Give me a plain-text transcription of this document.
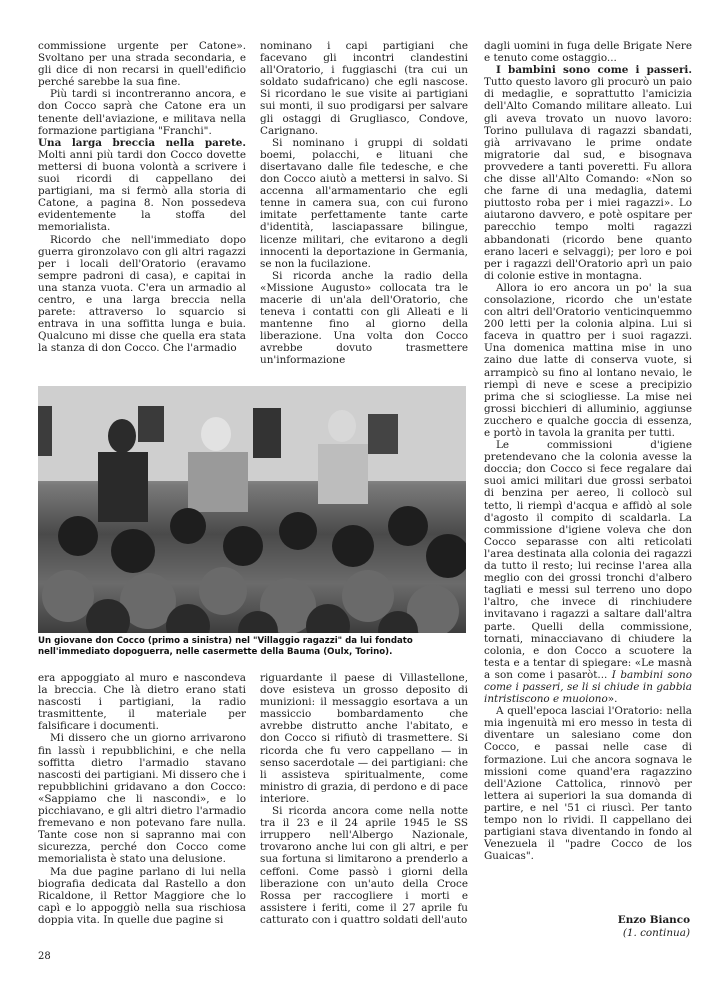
commissione urgente per Catone». Svoltano per una strada secondaria, e gli dice di non recarsi in quell'edificio perché sarebbe la sua fine.

Più tardi si incontreranno ancora, e don Cocco saprà che Catone era un tenente dell'aviazione, e militava nella formazione partigiana "Franchi".

Una larga breccia nella parete. Molti anni più tardi don Cocco dovette mettersi di buona volontà a scrivere i suoi ricordi di cappellano dei partigiani, ma si fermò alla storia di Catone, a pagina 8. Non possedeva evidentemente la stoffa del memorialista.

Ricordo che nell'immediato dopo guerra gironzolavo con gli altri ragazzi per i locali dell'Oratorio (eravamo sempre padroni di casa), e capitai in una stanza vuota. C'era un armadio al centro, e una larga breccia nella parete: attraverso lo squarcio si entrava in una soffitta lunga e buia. Qualcuno mi disse che quella era stata la stanza di don Cocco. Che l'armadio

nominano i capi partigiani che facevano gli incontri clandestini all'Oratorio, i fuggiaschi (tra cui un soldato sudafricano) che egli nascose. Si ricordano le sue visite ai partigiani sui monti, il suo prodigarsi per salvare gli ostaggi di Grugliasco, Condove, Carignano.

Si nominano i gruppi di soldati boemi, polacchi, e lituani che disertavano dalle file tedesche, e che don Cocco aiutò a mettersi in salvo. Si accenna all'armamentario che egli tenne in camera sua, con cui furono imitate perfettamente tante carte d'identità, lasciapassare bilingue, licenze militari, che evitarono a degli innocenti la deportazione in Germania, se non la fucilazione.

Si ricorda anche la radio della «Missione Augusto» collocata tra le macerie di un'ala dell'Oratorio, che teneva i contatti con gli Alleati e li mantenne fino al giorno della liberazione. Una volta don Cocco avrebbe dovuto trasmettere un'informazione

dagli uomini in fuga delle Brigate Nere e tenuto come ostaggio...

I bambini sono come i passeri. Tutto questo lavoro gli procurò un paio di medaglie, e soprattutto l'amicizia dell'Alto Comando militare alleato. Lui gli aveva trovato un nuovo lavoro: Torino pullulava di ragazzi sbandati, già arrivavano le prime ondate migratorie dal sud, e bisognava provvedere a tanti poveretti. Fu allora che disse all'Alto Comando: «Non so che farne di una medaglia, datemi piuttosto roba per i miei ragazzi». Lo aiutarono davvero, e potè ospitare per parecchio tempo molti ragazzi abbandonati (ricordo bene quanto erano laceri e selvaggi); per loro e poi per i ragazzi dell'Oratorio aprì un paio di colonie estive in montagna.

Allora io ero ancora un po' la sua consolazione, ricordo che un'estate con altri dell'Oratorio venticinquemmo 200 letti per la colonia alpina. Lui si faceva in quattro per i suoi ragazzi. Una domenica mattina mise in uno zaino due latte di conserva vuote, si arrampicò su fino al lontano nevaio, le riempì di neve e scese a precipizio prima che si sciogliesse. La mise nei grossi bicchieri di alluminio, aggiunse zucchero e qualche goccia di essenza, e portò in tavola la granita per tutti.

Le commissioni d'igiene pretendevano che la colonia avesse la doccia; don Cocco si fece regalare dai suoi amici militari due grossi serbatoi di benzina per aereo, li collocò sul tetto, li riempì d'acqua e affidò al sole d'agosto il compito di scaldarla. La commissione d'igiene voleva che don Cocco separasse con alti reticolati l'area destinata alla colonia dei ragazzi da tutto il resto; lui recinse l'area alla meglio con dei grossi tronchi d'albero tagliati e messi sul terreno uno dopo l'altro, che invece di rinchiudere invitavano i ragazzi a saltare dall'altra parte. Quelli della commissione, tornati, minacciavano di chiudere la colonia, e don Cocco a scuotere la testa e a tentar di spiegare: «Le masnà a son come i pasaròt... I bambini sono come i passeri, se li si chiude in gabbia intristiscono e muoiono».

A quell'epoca lasciai l'Oratorio: nella mia ingenuità mi ero messo in testa di diventare un salesiano come don Cocco, e passai nelle case di formazione. Lui che ancora sognava le missioni come quand'era ragazzino dell'Azione Cattolica, rinnovò per lettera ai superiori la sua domanda di partire, e nel '51 ci riuscì. Per tanto tempo non lo rividi. Il cappellano dei partigiani stava diventando in fondo al Venezuela il "padre Cocco de los Guaicas".

Un giovane don Cocco (primo a sinistra) nel "Villaggio ragazzi" da lui fondato nell'immediato dopoguerra, nelle casermette della Bauma (Oulx, Torino).

era appoggiato al muro e nascondeva la breccia. Che là dietro erano stati nascosti i partigiani, la radio trasmittente, il materiale per falsificare i documenti.

Mi dissero che un giorno arrivarono fin lassù i repubblichini, e che nella soffitta dietro l'armadio stavano nascosti dei partigiani. Mi dissero che i repubblichini gridavano a don Cocco: «Sappiamo che li nascondi», e lo picchiavano, e gli altri dietro l'armadio fremevano e non potevano fare nulla. Tante cose non si sapranno mai con sicurezza, perché don Cocco come memorialista è stato una delusione.

Ma due pagine parlano di lui nella biografia dedicata dal Rastello a don Ricaldone, il Rettor Maggiore che lo capì e lo appoggiò nella sua rischiosa doppia vita. In quelle due pagine si

riguardante il paese di Villastellone, dove esisteva un grosso deposito di munizioni: il messaggio esortava a un massiccio bombardamento che avrebbe distrutto anche l'abitato, e don Cocco si rifiutò di trasmettere. Si ricorda che fu vero cappellano — in senso sacerdotale — dei partigiani: che li assisteva spiritualmente, come ministro di grazia, di perdono e di pace interiore.

Si ricorda ancora come nella notte tra il 23 e il 24 aprile 1945 le SS irruppero nell'Albergo Nazionale, trovarono anche lui con gli altri, e per sua fortuna si limitarono a prenderlo a ceffoni. Come passò i giorni della liberazione con un'auto della Croce Rossa per raccogliere i morti e assistere i feriti, come il 27 aprile fu catturato con i quattro soldati dell'auto	Enzo Bianco
(1. continua)
28
